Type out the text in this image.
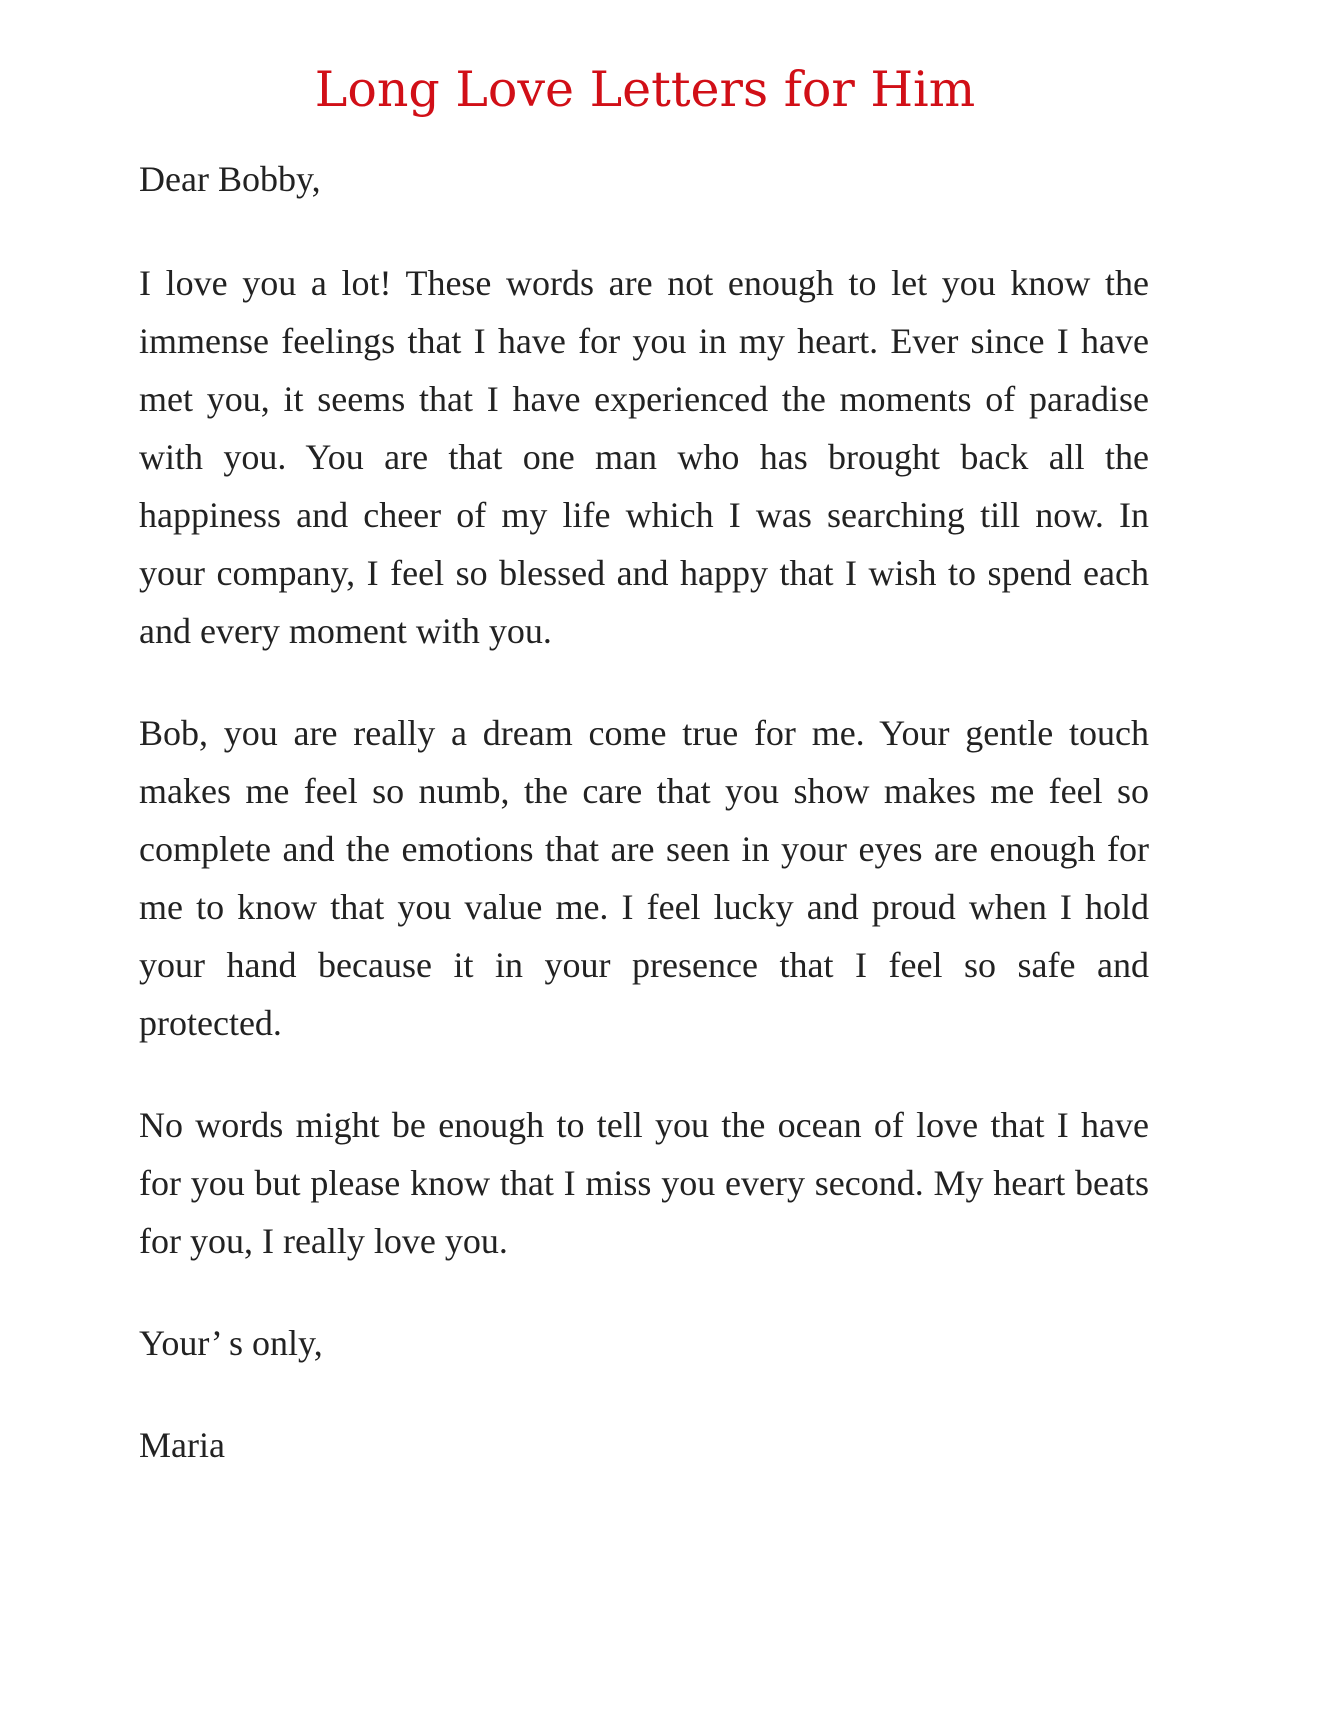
Long Love Letters for Him

Dear Bobby,

I love you a lot! These words are not enough to let you know the immense feelings that I have for you in my heart. Ever since I have met you, it seems that I have experienced the moments of paradise with you. You are that one man who has brought back all the happiness and cheer of my life which I was searching till now. In your company, I feel so blessed and happy that I wish to spend each and every moment with you.

Bob, you are really a dream come true for me. Your gentle touch makes me feel so numb, the care that you show makes me feel so complete and the emotions that are seen in your eyes are enough for me to know that you value me. I feel lucky and proud when I hold your hand because it in your presence that I feel so safe and protected.

No words might be enough to tell you the ocean of love that I have for you but please know that I miss you every second. My heart beats for you, I really love you.

Your’ s only,

Maria
